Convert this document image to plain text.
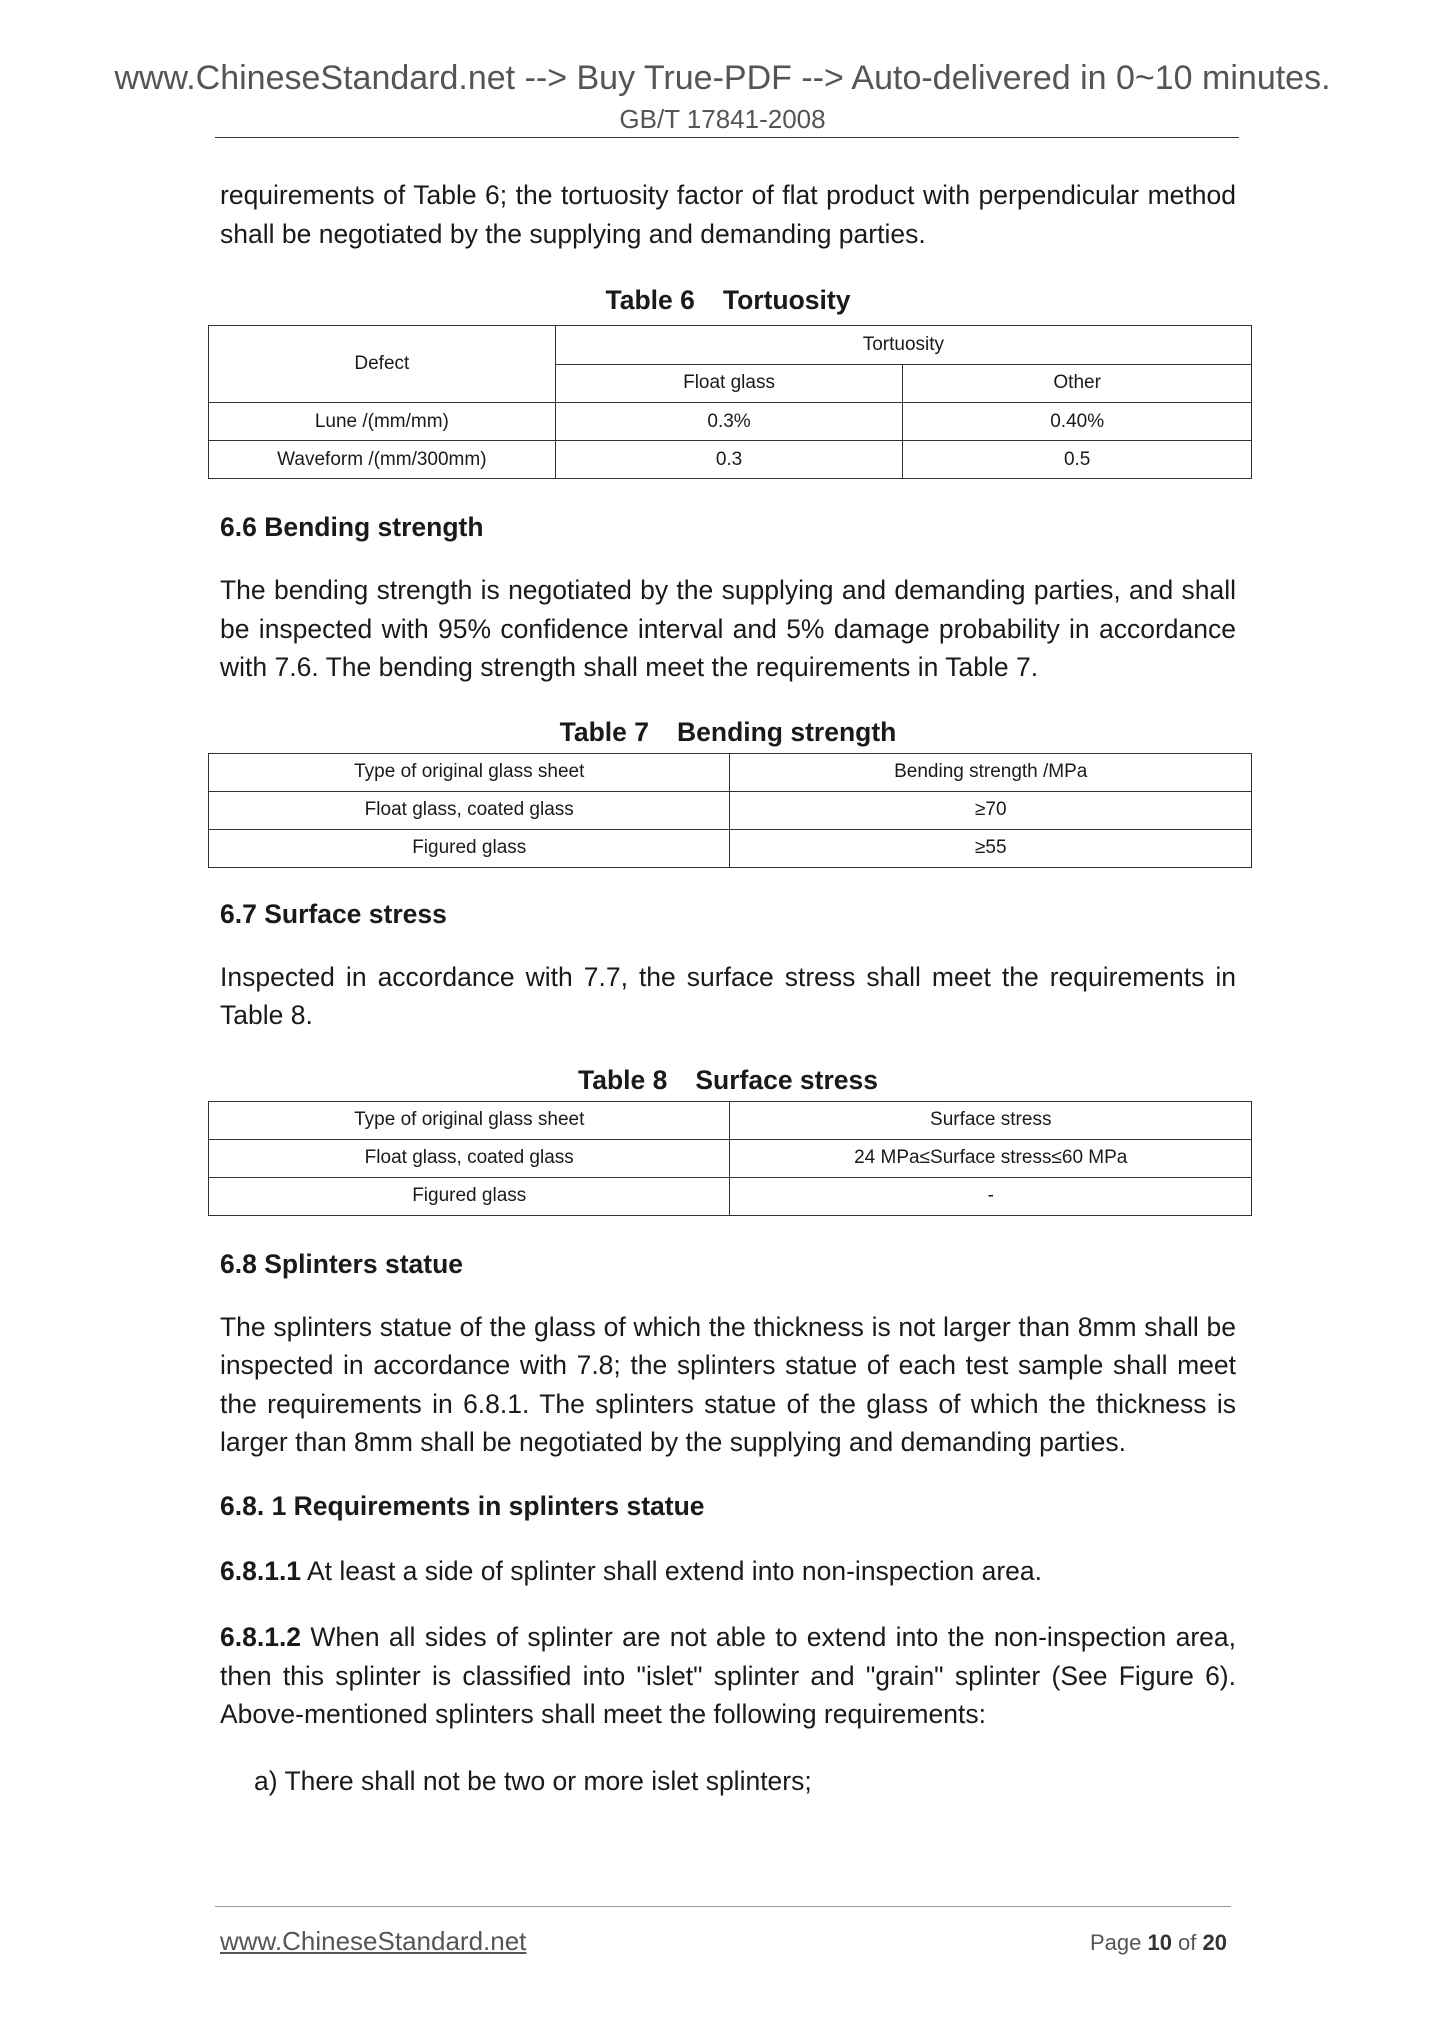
www.ChineseStandard.net --> Buy True-PDF --> Auto-delivered in 0~10 minutes.
GB/T 17841-2008

requirements of Table 6; the tortuosity factor of flat product with perpendicular method shall be negotiated by the supplying and demanding parties.

Table 6 Tortuosity
Defect	Tortuosity	
	Float glass	Other
Lune /(mm/mm)	0.3%	0.40%
Waveform /(mm/300mm)	0.3	0.5
6.6 Bending strength

The bending strength is negotiated by the supplying and demanding parties, and shall be inspected with 95% confidence interval and 5% damage probability in accordance with 7.6. The bending strength shall meet the requirements in Table 7.

Table 7 Bending strength
Type of original glass sheet	Bending strength /MPa
Float glass, coated glass	≥70
Figured glass	≥55
6.7 Surface stress

Inspected in accordance with 7.7, the surface stress shall meet the requirements in Table 8.

Table 8 Surface stress
Type of original glass sheet	Surface stress
Float glass, coated glass	24 MPa≤Surface stress≤60 MPa
Figured glass	-
6.8 Splinters statue

The splinters statue of the glass of which the thickness is not larger than 8mm shall be inspected in accordance with 7.8; the splinters statue of each test sample shall meet the requirements in 6.8.1. The splinters statue of the glass of which the thickness is larger than 8mm shall be negotiated by the supplying and demanding parties.

6.8. 1 Requirements in splinters statue

6.8.1.1 At least a side of splinter shall extend into non-inspection area.

6.8.1.2 When all sides of splinter are not able to extend into the non-inspection area, then this splinter is classified into "islet" splinter and "grain" splinter (See Figure 6). Above-mentioned splinters shall meet the following requirements:

a) There shall not be two or more islet splinters;

www.ChineseStandard.net	Page 10 of 20
